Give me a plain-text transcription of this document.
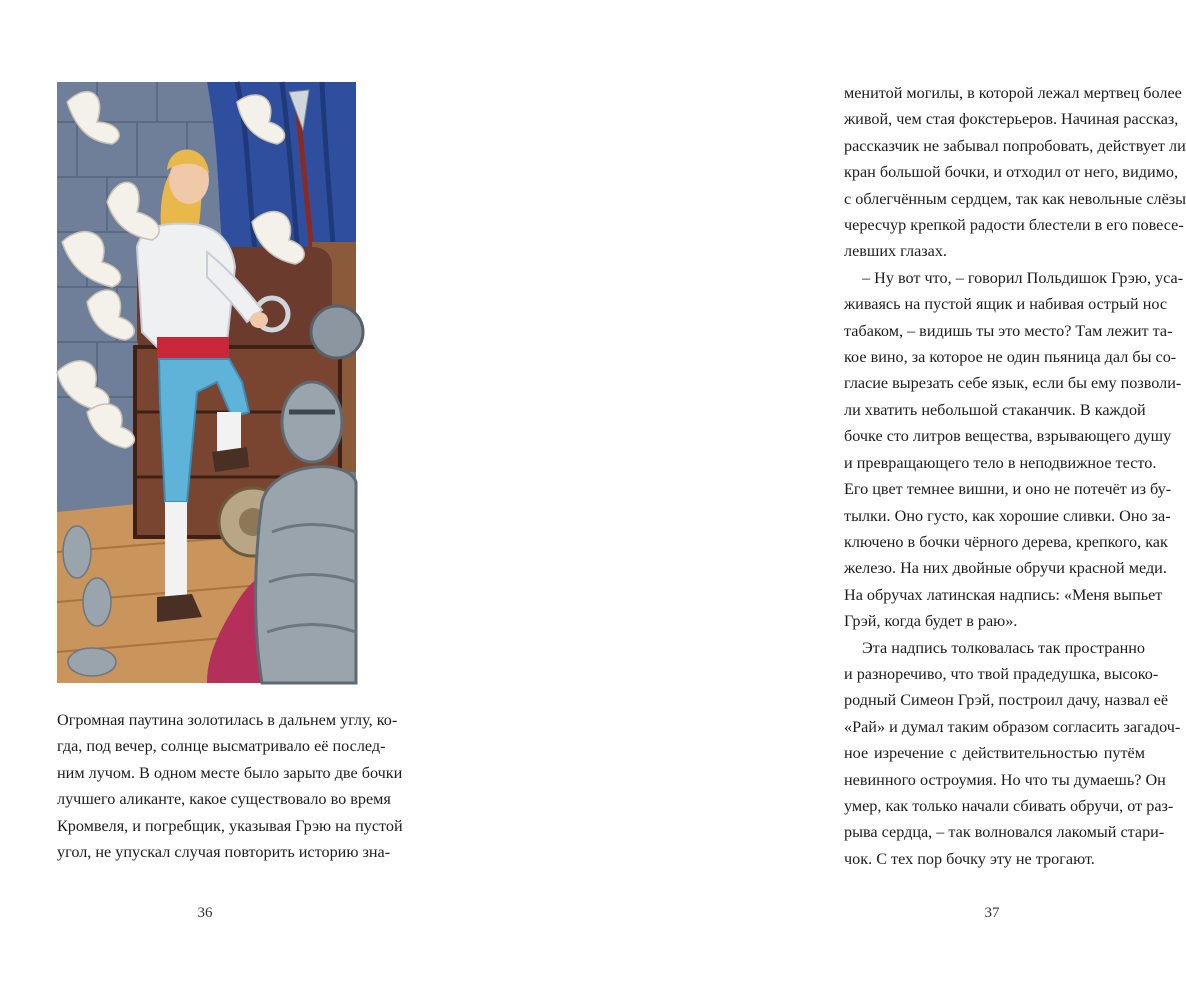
Огромная паутина золотилась в дальнем углу, ко-
гда, под вечер, солнце высматривало её послед-
ним лучом. В одном месте было зарыто две бочки
лучшего аликанте, какое существовало во время
Кромвеля, и погребщик, указывая Грэю на пустой
угол, не упускал случая повторить историю зна-
36
менитой могилы, в которой лежал мертвец более
живой, чем стая фокстерьеров. Начиная рассказ,
рассказчик не забывал попробовать, действует ли
кран большой бочки, и отходил от него, видимо,
с облегчённым сердцем, так как невольные слёзы
чересчур крепкой радости блестели в его повесе-
левших глазах.
– Ну вот что, – говорил Польдишок Грэю, уса-
живаясь на пустой ящик и набивая острый нос
табаком, – видишь ты это место? Там лежит та-
кое вино, за которое не один пьяница дал бы со-
гласие вырезать себе язык, если бы ему позволи-
ли хватить небольшой стаканчик. В каждой
бочке сто литров вещества, взрывающего душу
и превращающего тело в неподвижное тесто.
Его цвет темнее вишни, и оно не потечёт из бу-
тылки. Оно густо, как хорошие сливки. Оно за-
ключено в бочки чёрного дерева, крепкого, как
железо. На них двойные обручи красной меди.
На обручах латинская надпись: «Меня выпьет
Грэй, когда будет в раю».
Эта надпись толковалась так пространно
и разноречиво, что твой прадедушка, высоко-
родный Симеон Грэй, построил дачу, назвал её
«Рай» и думал таким образом согласить загадоч-
ное изречение с действительностью путём
невинного остроумия. Но что ты думаешь? Он
умер, как только начали сбивать обручи, от раз-
рыва сердца, – так волновался лакомый стари-
чок. С тех пор бочку эту не трогают.
37
